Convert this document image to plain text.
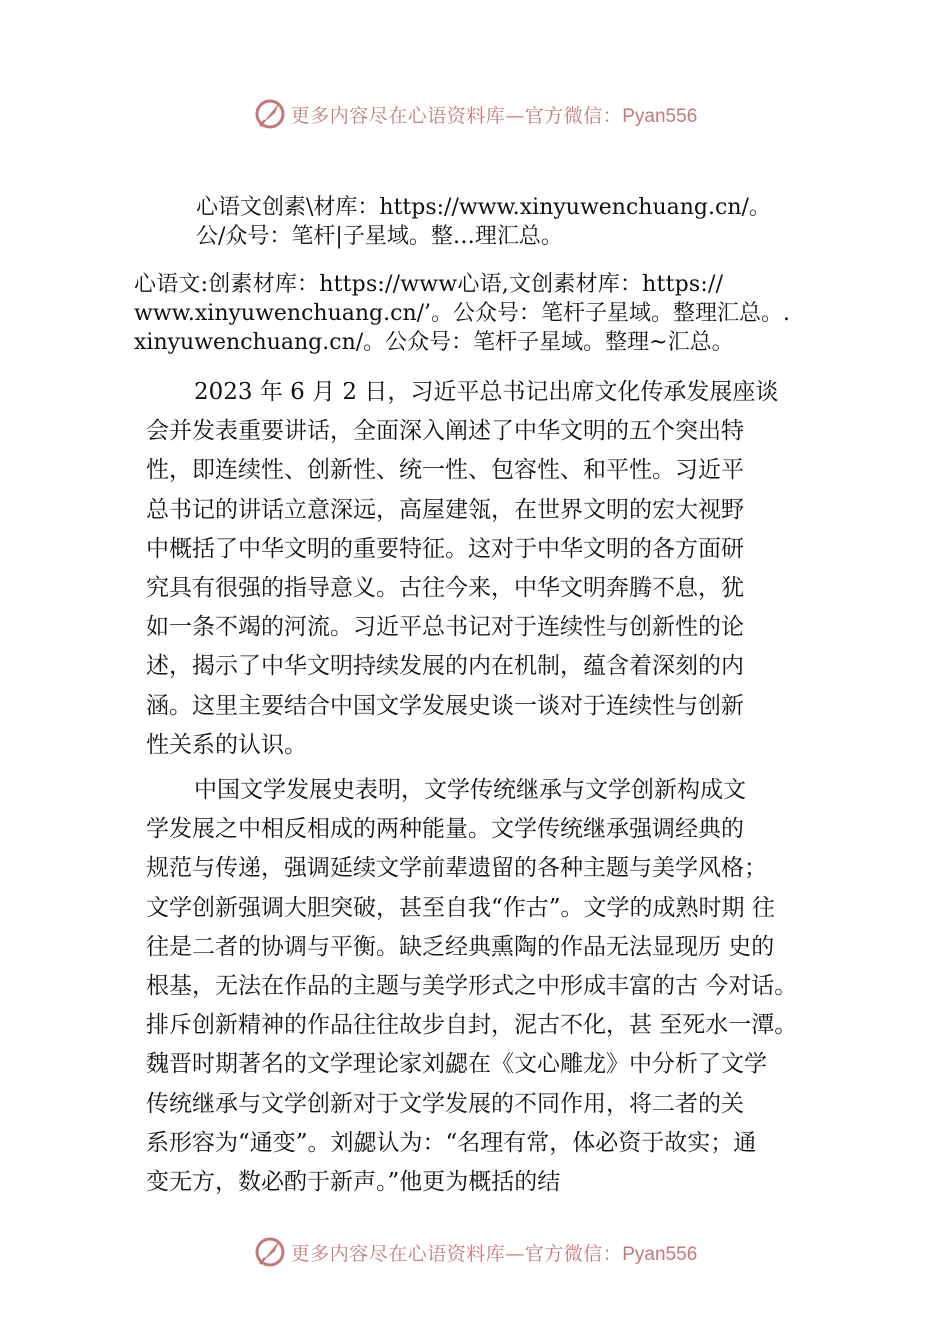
更多内容尽在心语资料库—官方微信：Pyan556
心语文创素\材库：https://www.xinyuwenchuang.cn/。
公/众号：笔杆|子星域。整…理汇总。
心语文:创素材库：https://www心语,文创素材库：https://
www.xinyuwenchuang.cn/’。公众号：笔杆子星域。整理汇总。.
xinyuwenchuang.cn/。公众号：笔杆子星域。整理~汇总。
2023 年 6 月 2 日，习近平总书记出席文化传承发展座谈
会并发表重要讲话，全面深入阐述了中华文明的五个突出特
性，即连续性、创新性、统一性、包容性、和平性。习近平
总书记的讲话立意深远，高屋建瓴，在世界文明的宏大视野
中概括了中华文明的重要特征。这对于中华文明的各方面研
究具有很强的指导意义。古往今来，中华文明奔腾不息，犹
如一条不竭的河流。习近平总书记对于连续性与创新性的论
述，揭示了中华文明持续发展的内在机制，蕴含着深刻的内
涵。这里主要结合中国文学发展史谈一谈对于连续性与创新
性关系的认识。
中国文学发展史表明，文学传统继承与文学创新构成文
学发展之中相反相成的两种能量。文学传统继承强调经典的
规范与传递，强调延续文学前辈遗留的各种主题与美学风格；
文学创新强调大胆突破，甚至自我“作古”。文学的成熟时期 往
往是二者的协调与平衡。缺乏经典熏陶的作品无法显现历 史的
根基，无法在作品的主题与美学形式之中形成丰富的古 今对话。
排斥创新精神的作品往往故步自封，泥古不化，甚 至死水一潭。
魏晋时期著名的文学理论家刘勰在《文心雕龙》中分析了文学
传统继承与文学创新对于文学发展的不同作用，将二者的关
系形容为“通变”。刘勰认为：“名理有常，体必资于故实；通
变无方，数必酌于新声。”他更为概括的结
更多内容尽在心语资料库—官方微信：Pyan556
